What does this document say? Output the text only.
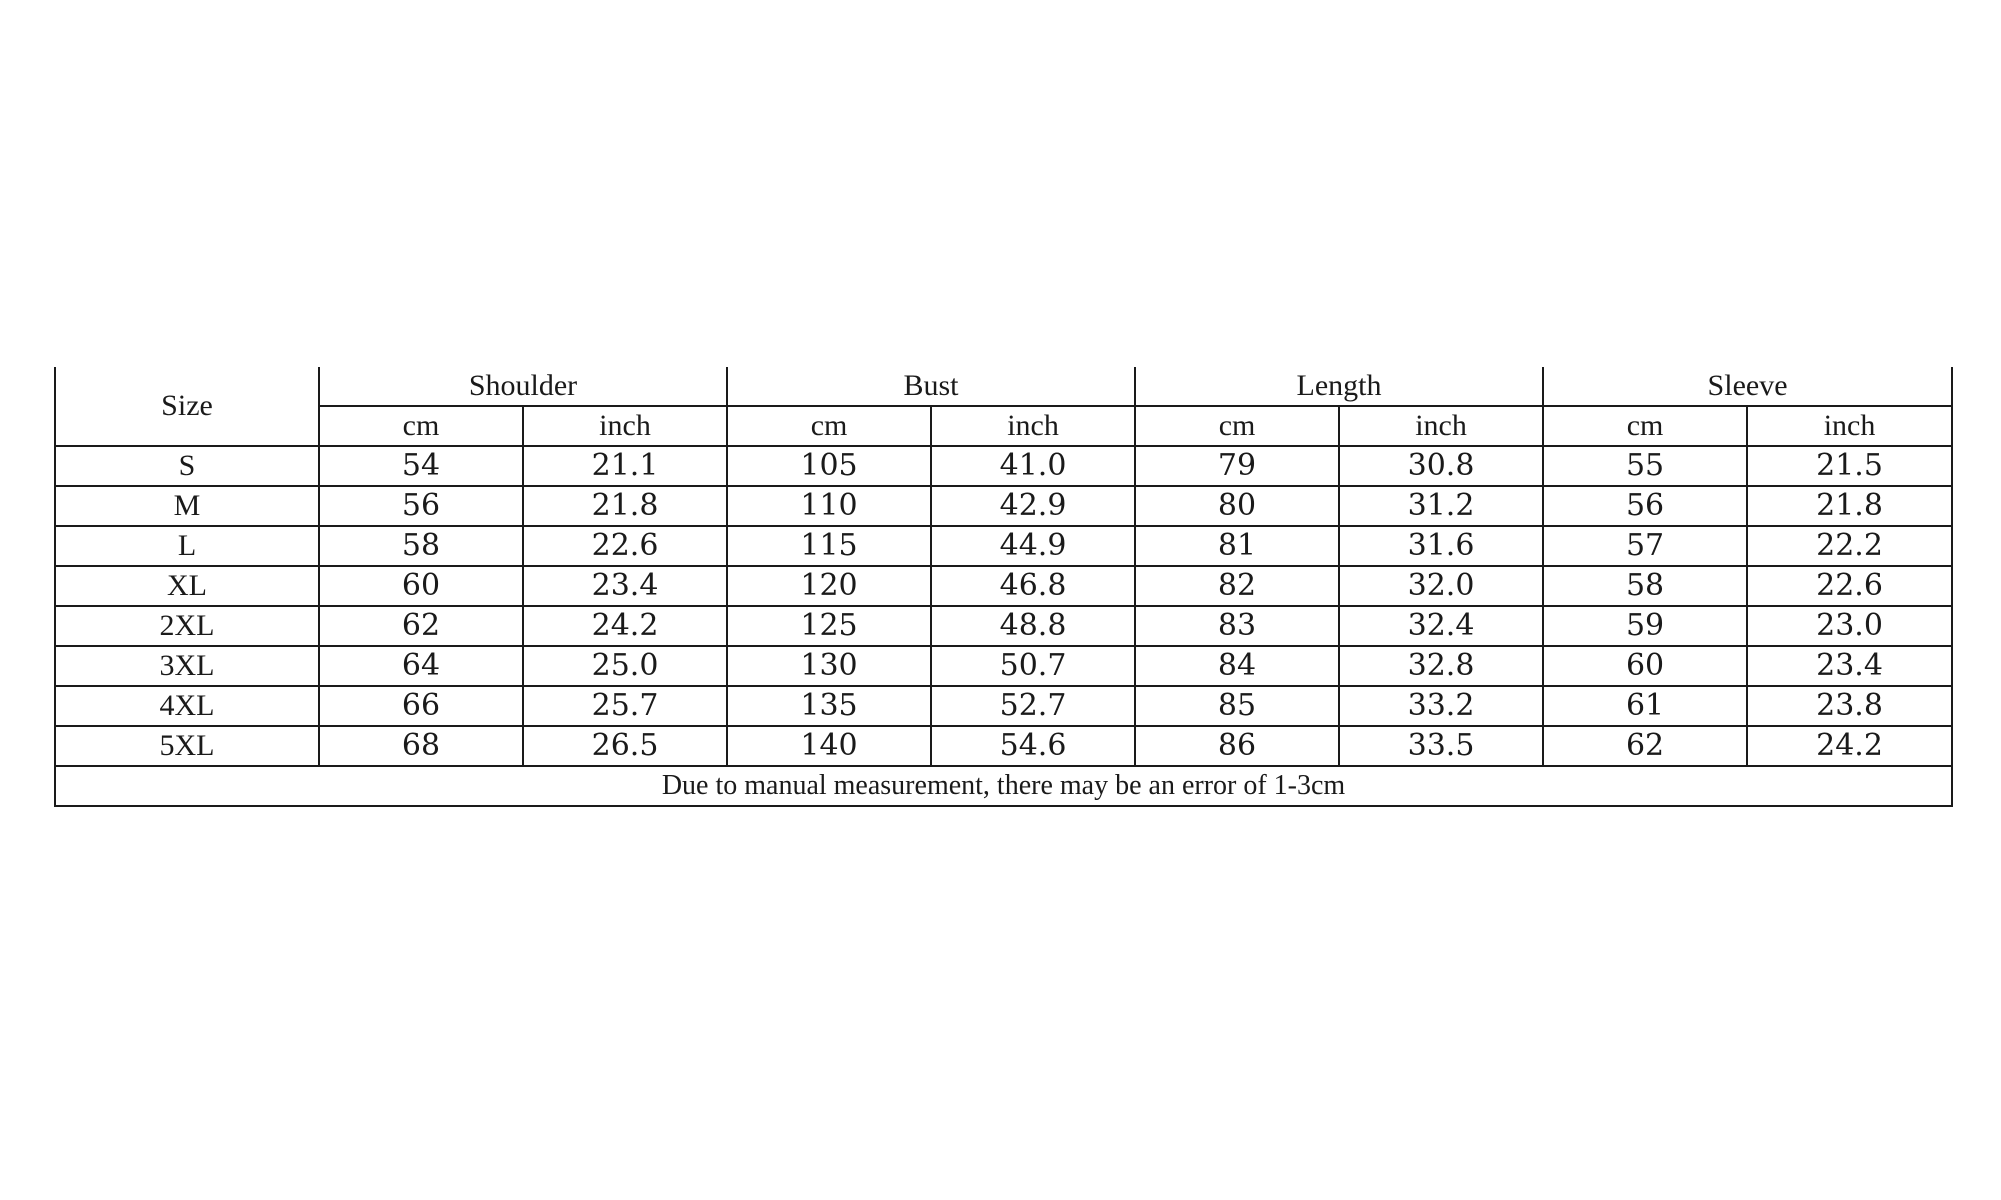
Size	Shoulder		Bust		Length		Sleeve	
	cm	inch	cm	inch	cm	inch	cm	inch
S	54	21.1	105	41.0	79	30.8	55	21.5
M	56	21.8	110	42.9	80	31.2	56	21.8
L	58	22.6	115	44.9	81	31.6	57	22.2
XL	60	23.4	120	46.8	82	32.0	58	22.6
2XL	62	24.2	125	48.8	83	32.4	59	23.0
3XL	64	25.0	130	50.7	84	32.8	60	23.4
4XL	66	25.7	135	52.7	85	33.2	61	23.8
5XL	68	26.5	140	54.6	86	33.5	62	24.2
Due to manual measurement, there may be an error of 1-3cm								
